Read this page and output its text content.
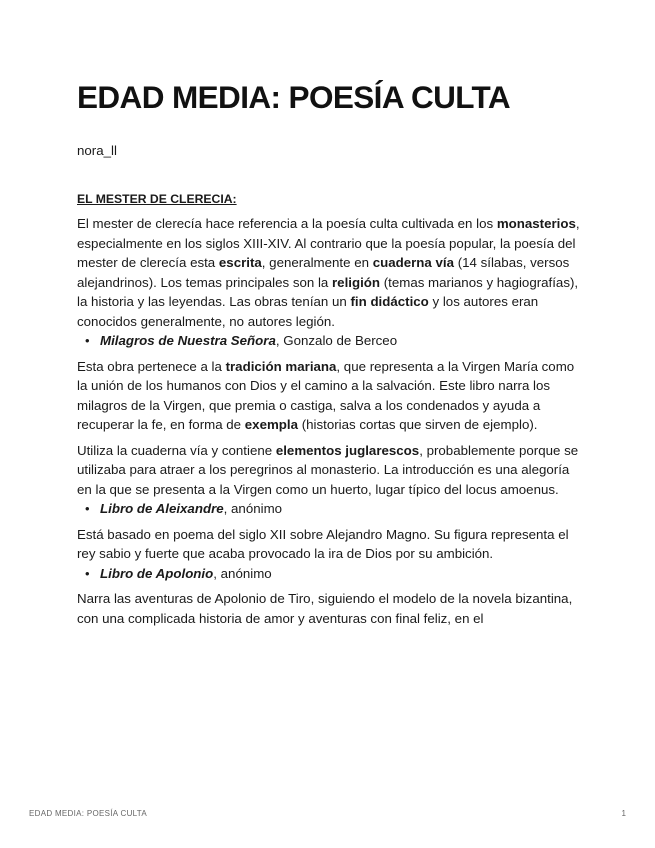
EDAD MEDIA: POESÍA CULTA
nora_ll
EL MESTER DE CLERECIA:

El mester de clerecía hace referencia a la poesía culta cultivada en los monasterios, especialmente en los siglos XIII-XIV. Al contrario que la poesía popular, la poesía del mester de clerecía esta escrita, generalmente en cuaderna vía (14 sílabas, versos alejandrinos). Los temas principales son la religión (temas marianos y hagiografías), la historia y las leyendas. Las obras tenían un fin didáctico y los autores eran conocidos generalmente, no autores legión.

• Milagros de Nuestra Señora, Gonzalo de Berceo

Esta obra pertenece a la tradición mariana, que representa a la Virgen María como la unión de los humanos con Dios y el camino a la salvación. Este libro narra los milagros de la Virgen, que premia o castiga, salva a los condenados y ayuda a recuperar la fe, en forma de exempla (historias cortas que sirven de ejemplo).

Utiliza la cuaderna vía y contiene elementos juglarescos, probablemente porque se utilizaba para atraer a los peregrinos al monasterio. La introducción es una alegoría en la que se presenta a la Virgen como un huerto, lugar típico del locus amoenus.

• Libro de Aleixandre, anónimo

Está basado en poema del siglo XII sobre Alejandro Magno. Su figura representa el rey sabio y fuerte que acaba provocado la ira de Dios por su ambición.

• Libro de Apolonio, anónimo

Narra las aventuras de Apolonio de Tiro, siguiendo el modelo de la novela bizantina, con una complicada historia de amor y aventuras con final feliz, en el

EDAD MEDIA: POESÍA CULTA	1
